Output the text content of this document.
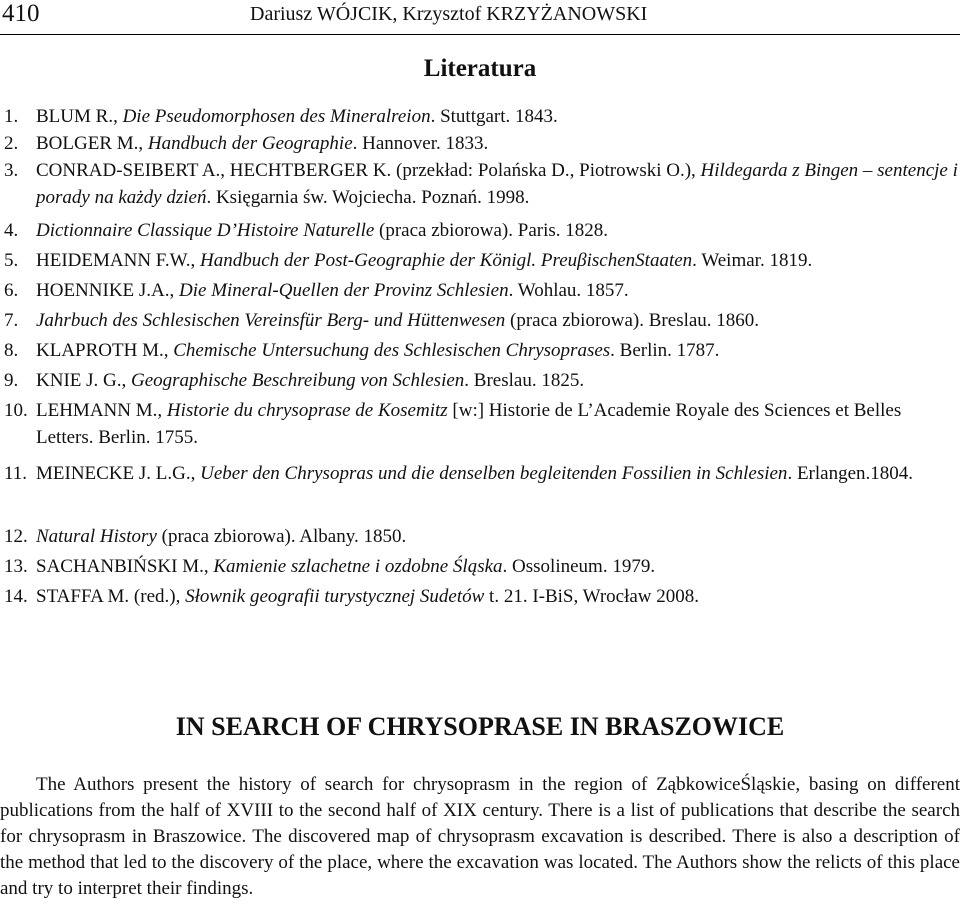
410	Dariusz WÓJCIK, Krzysztof KRZYŻANOWSKI
Literatura
1. BLUM R., Die Pseudomorphosen des Mineralreion. Stuttgart. 1843.
2. BOLGER M., Handbuch der Geographie. Hannover. 1833.
3. CONRAD-SEIBERT A., HECHTBERGER K. (przekład: Polańska D., Piotrowski O.), Hildegarda z Bingen – sentencje i porady na każdy dzień. Księgarnia św. Wojciecha. Poznań. 1998.
4. Dictionnaire Classique D’Histoire Naturelle (praca zbiorowa). Paris. 1828.
5. HEIDEMANN F.W., Handbuch der Post-Geographie der Königl. PreuβischenStaaten. Weimar. 1819.
6. HOENNIKE J.A., Die Mineral-Quellen der Provinz Schlesien. Wohlau. 1857.
7. Jahrbuch des Schlesischen Vereinsfür Berg- und Hüttenwesen (praca zbiorowa). Breslau. 1860.
8. KLAPROTH M., Chemische Untersuchung des Schlesischen Chrysoprases. Berlin. 1787.
9. KNIE J. G., Geographische Beschreibung von Schlesien. Breslau. 1825.
10. LEHMANN M., Historie du chrysoprase de Kosemitz [w:] Historie de L’Academie Royale des Sciences et Belles Letters. Berlin. 1755.
11. MEINECKE J. L.G., Ueber den Chrysopras und die denselben begleitenden Fossilien in Schlesien. Erlangen.1804.
12. Natural History (praca zbiorowa). Albany. 1850.
13. SACHANBIŃSKI M., Kamienie szlachetne i ozdobne Śląska. Ossolineum. 1979.
14. STAFFA M. (red.), Słownik geografii turystycznej Sudetów t. 21. I-BiS, Wrocław 2008.
IN SEARCH OF CHRYSOPRASE IN BRASZOWICE

The Authors present the history of search for chrysoprasm in the region of ZąbkowiceŚląskie, basing on different publications from the half of XVIII to the second half of XIX century. There is a list of publications that describe the search for chrysoprasm in Braszowice. The discovered map of chrysoprasm excavation is described. There is also a description of the method that led to the discovery of the place, where the excavation was located. The Authors show the relicts of this place and try to interpret their findings.
